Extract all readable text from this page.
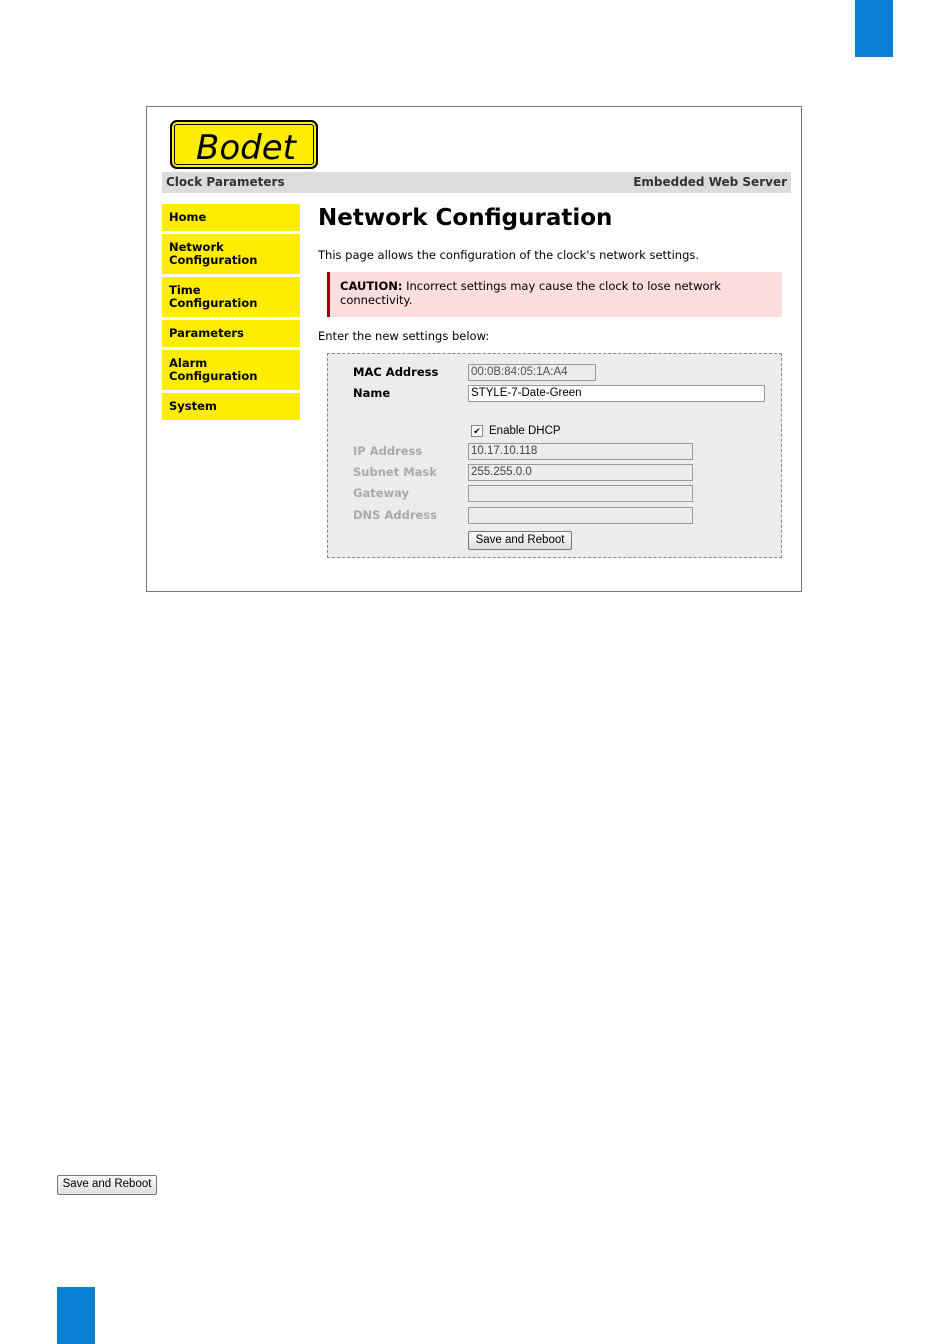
Bodet
Clock Parameters	Embedded Web Server
Home
Network
Configuration
Time
Configuration
Parameters
Alarm
Configuration
System
Network Configuration
This page allows the configuration of the clock's network settings.
CAUTION: Incorrect settings may cause the clock to lose network
connectivity.
Enter the new settings below:
MAC Address	00:0B:84:05:1A:A4
Name	STYLE-7-Date-Green
✔ Enable DHCP
IP Address	10.17.10.118
Subnet Mask	255.255.0.0
Gateway
DNS Address
Save and Reboot
Save and Reboot
